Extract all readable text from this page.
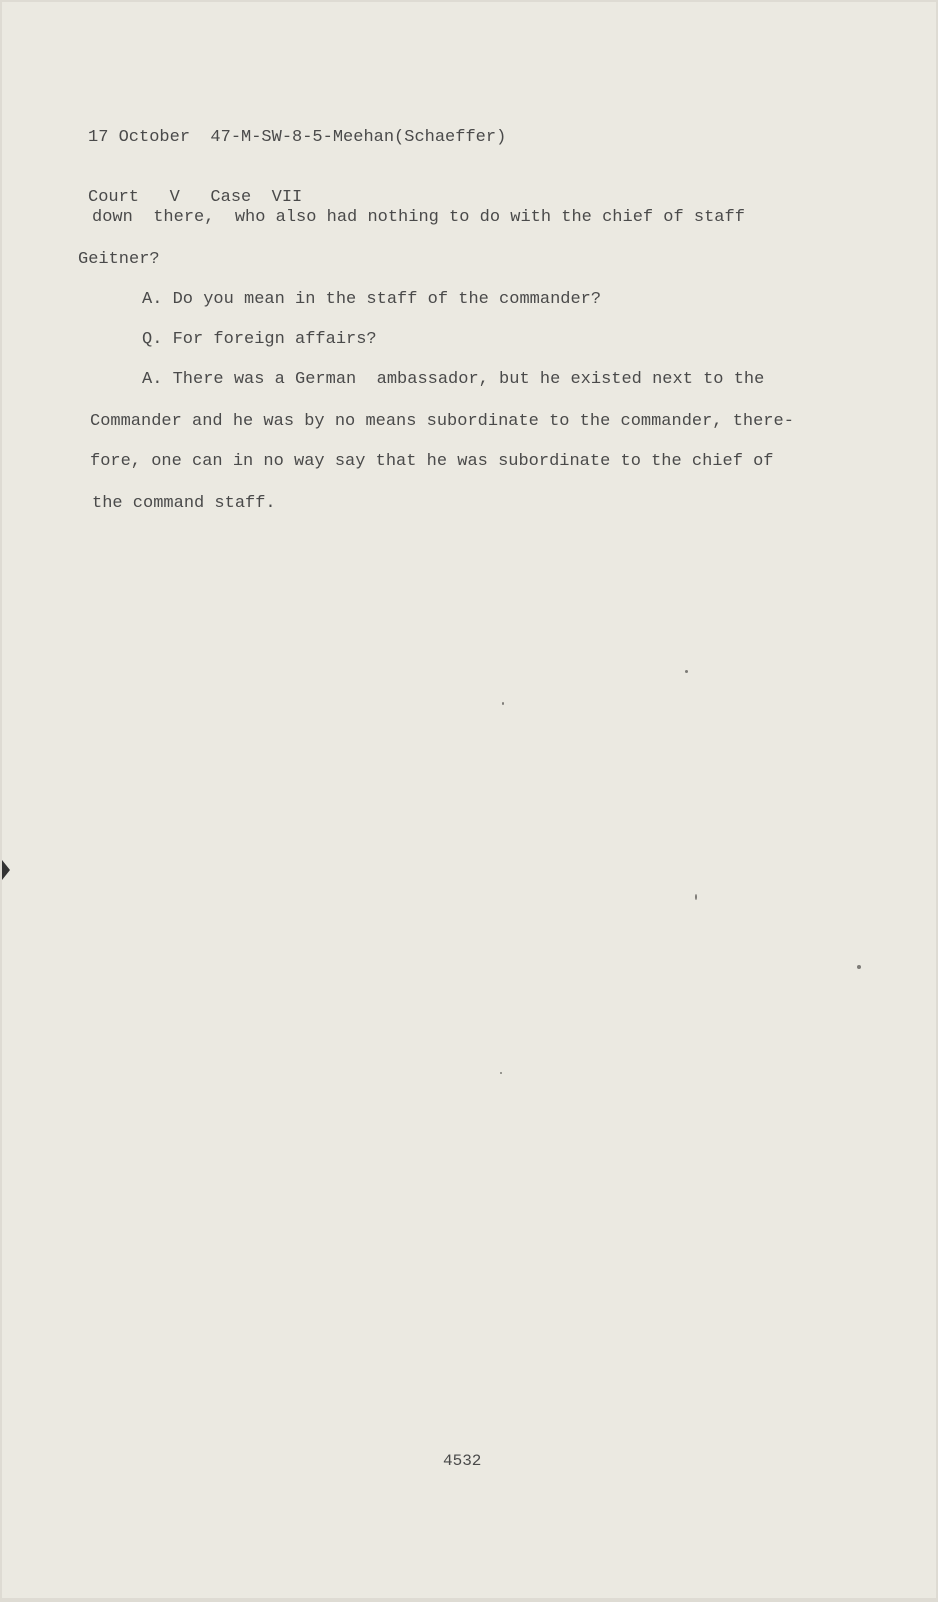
17 October  47-M-SW-8-5-Meehan(Schaeffer)

Court   V   Case  VII

down  there,  who also had nothing to do with the chief of staff
Geitner?
A. Do you mean in the staff of the commander?
Q. For foreign affairs?
A. There was a German  ambassador, but he existed next to the
Commander and he was by no means subordinate to the commander, there-
fore, one can in no way say that he was subordinate to the chief of
the command staff.
4532
